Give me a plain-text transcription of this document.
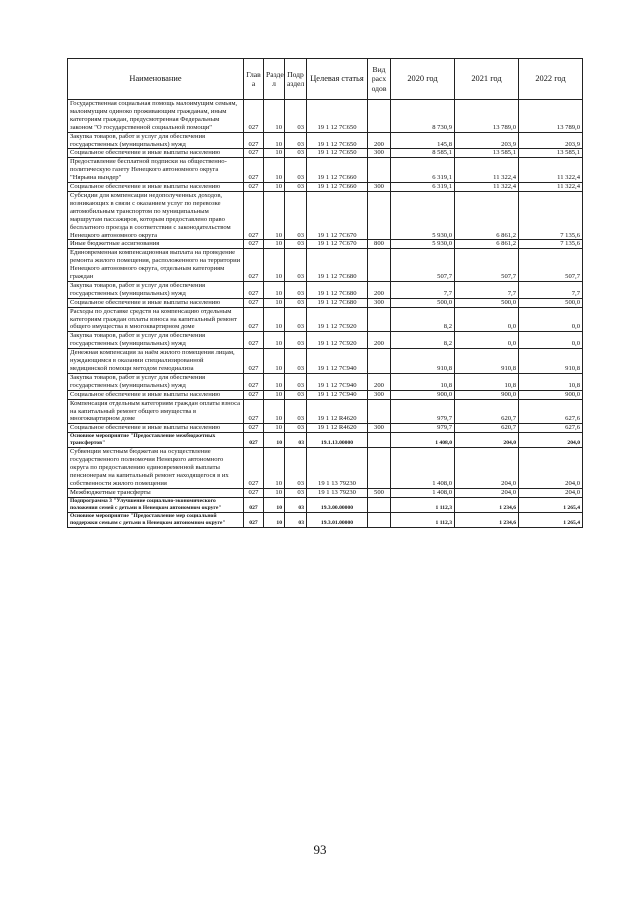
Наименование	Глав а	Разде л	Подр аздел	Целевая статья	Вид расх одов	2020 год	2021 год	2022 год
Государственная социальная помощь малоимущим семьям, малоимущим одиноко проживающим гражданам, иным категориям граждан, предусмотренная Федеральным законом "О государственной социальной помощи"	027	10	03	19 1 12 7С650		8 730,9	13 789,0	13 789,0
Закупка товаров, работ и услуг для обеспечения государственных (муниципальных) нужд	027	10	03	19 1 12 7С650	200	145,8	203,9	203,9
Социальное обеспечение и иные выплаты населению	027	10	03	19 1 12 7С650	300	8 585,1	13 585,1	13 585,1
Предоставление бесплатной подписки на общественно-политическую газету Ненецкого автономного округа "Нярьяна вындер"	027	10	03	19 1 12 7С660		6 319,1	11 322,4	11 322,4
Социальное обеспечение и иные выплаты населению	027	10	03	19 1 12 7С660	300	6 319,1	11 322,4	11 322,4
Субсидии для компенсации недополученных доходов, возникающих в связи с оказанием услуг по перевозке автомобильным транспортом по муниципальным маршрутам пассажиров, которым предоставлено право бесплатного проезда в соответствии с законодательством Ненецкого автономного округа	027	10	03	19 1 12 7С670		5 930,0	6 861,2	7 135,6
Иные бюджетные ассигнования	027	10	03	19 1 12 7С670	800	5 930,0	6 861,2	7 135,6
Единовременная компенсационная выплата на проведение ремонта жилого помещения, расположенного на территории Ненецкого автономного округа, отдельным категориям граждан	027	10	03	19 1 12 7С680		507,7	507,7	507,7
Закупка товаров, работ и услуг для обеспечения государственных (муниципальных) нужд	027	10	03	19 1 12 7С680	200	7,7	7,7	7,7
Социальное обеспечение и иные выплаты населению	027	10	03	19 1 12 7С680	300	500,0	500,0	500,0
Расходы по доставке средств на компенсацию отдельным категориям граждан оплаты взноса на капитальный ремонт общего имущества в многоквартирном доме	027	10	03	19 1 12 7С920		8,2	0,0	0,0
Закупка товаров, работ и услуг для обеспечения государственных (муниципальных) нужд	027	10	03	19 1 12 7С920	200	8,2	0,0	0,0
Денежная компенсация за наём жилого помещения лицам, нуждающимся в оказании специализированной медицинской помощи методом гемодиализа	027	10	03	19 1 12 7С940		910,8	910,8	910,8
Закупка товаров, работ и услуг для обеспечения государственных (муниципальных) нужд	027	10	03	19 1 12 7С940	200	10,8	10,8	10,8
Социальное обеспечение и иные выплаты населению	027	10	03	19 1 12 7С940	300	900,0	900,0	900,0
Компенсация отдельным категориям граждан оплаты взноса на капитальный ремонт общего имущества в многоквартирном доме	027	10	03	19 1 12 R4620		979,7	620,7	627,6
Социальное обеспечение и иные выплаты населению	027	10	03	19 1 12 R4620	300	979,7	620,7	627,6
Основное мероприятие "Предоставление межбюджетных трансфертов"	027	10	03	19.1.13.00000		1 408,0	204,0	204,0
Субвенции местным бюджетам на осуществление государственного полномочия Ненецкого автономного округа по предоставлению единовременной выплаты пенсионерам на капитальный ремонт находящегося в их собственности жилого помещения	027	10	03	19 1 13 79230		1 408,0	204,0	204,0
Межбюджетные трансферты	027	10	03	19 1 13 79230	500	1 408,0	204,0	204,0
Подпрограмма 3 "Улучшение социально-экономического положения семей с детьми в Ненецком автономном округе"	027	10	03	19.3.00.00000		1 112,3	1 234,6	1 265,4
Основное мероприятие "Предоставление мер социальной поддержки семьям с детьми в Ненецком автономном округе"	027	10	03	19.3.01.00000		1 112,3	1 234,6	1 265,4
93
